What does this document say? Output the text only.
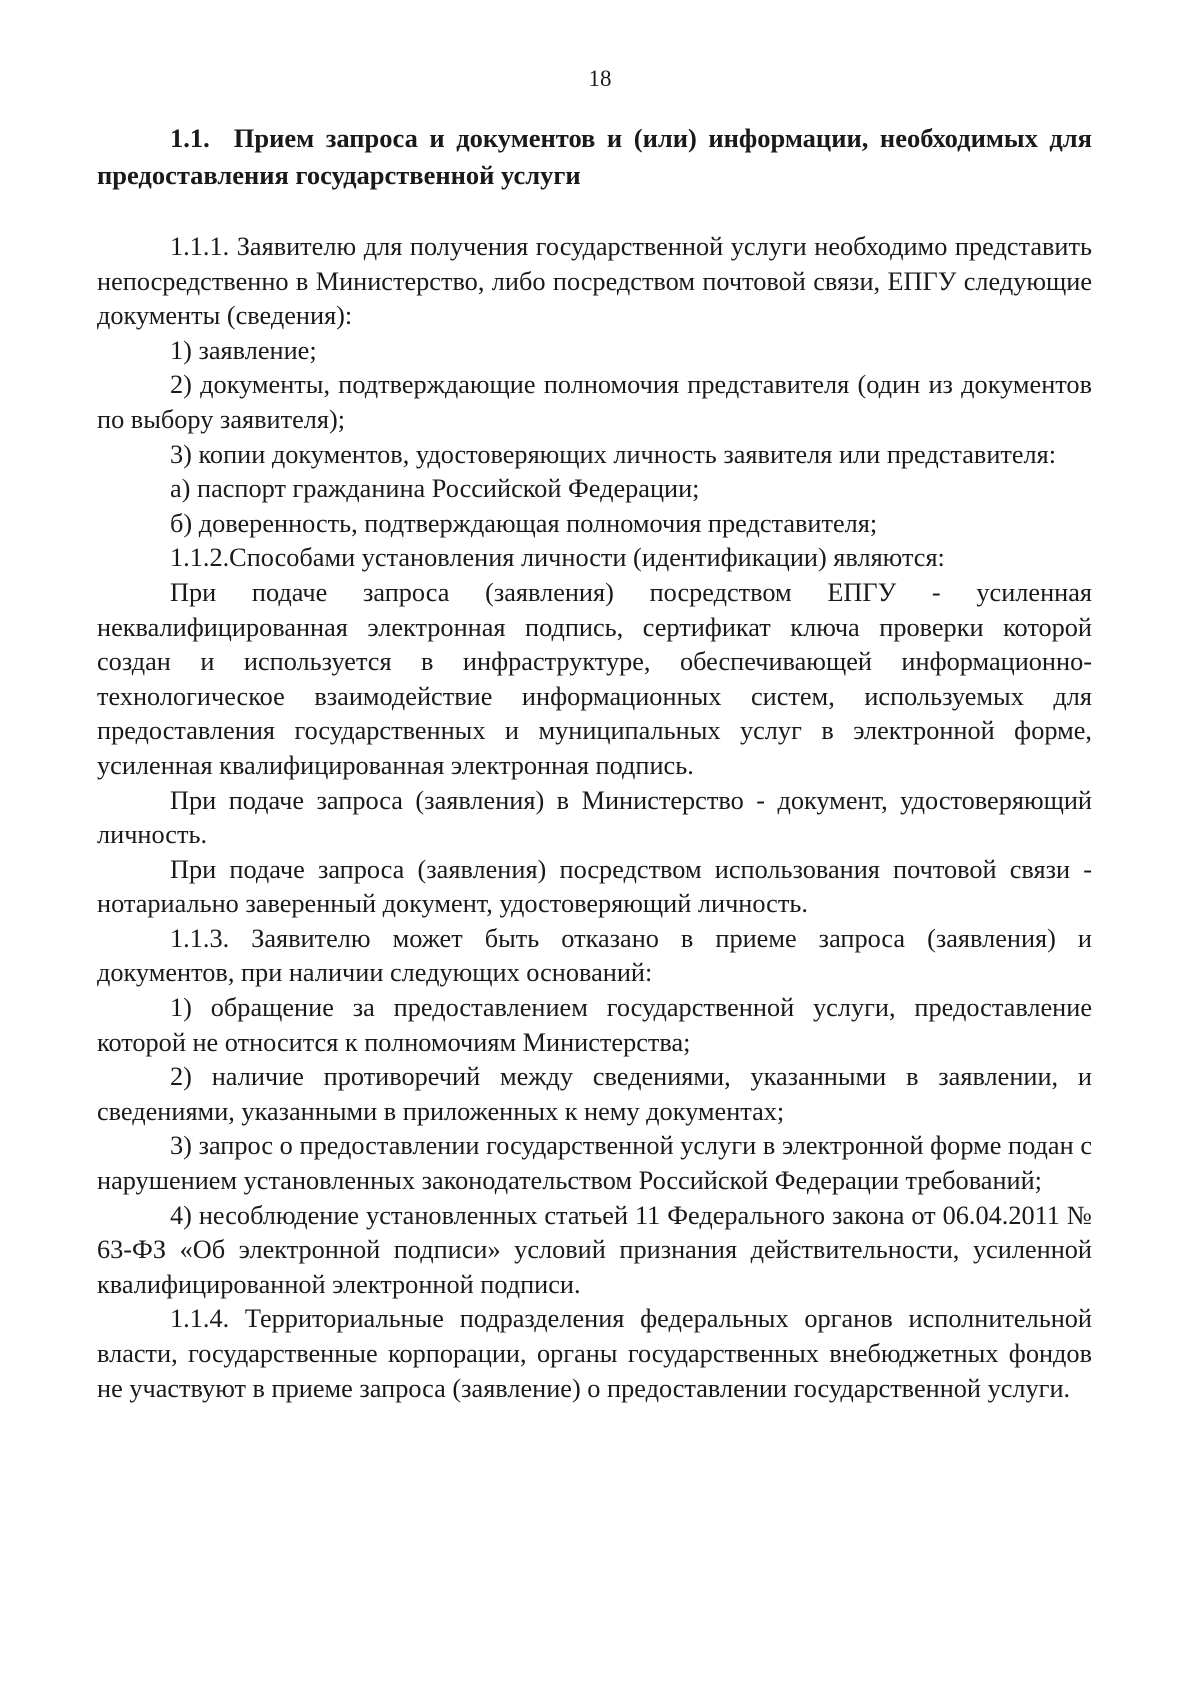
18
1.1. Прием запроса и документов и (или) информации, необходимых для предоставления государственной услуги

1.1.1. Заявителю для получения государственной услуги необходимо представить непосредственно в Министерство, либо посредством почтовой связи, ЕПГУ следующие документы (сведения):

1) заявление;

2) документы, подтверждающие полномочия представителя (один из документов по выбору заявителя);

3) копии документов, удостоверяющих личность заявителя или представителя:

а) паспорт гражданина Российской Федерации;

б) доверенность, подтверждающая полномочия представителя;

1.1.2.Способами установления личности (идентификации) являются:

При подаче запроса (заявления) посредством ЕПГУ - усиленная неквалифицированная электронная подпись, сертификат ключа проверки которой создан и используется в инфраструктуре, обеспечивающей информационно-технологическое взаимодействие информационных систем, используемых для предоставления государственных и муниципальных услуг в электронной форме, усиленная квалифицированная электронная подпись.

При подаче запроса (заявления) в Министерство - документ, удостоверяющий личность.

При подаче запроса (заявления) посредством использования почтовой связи - нотариально заверенный документ, удостоверяющий личность.

1.1.3. Заявителю может быть отказано в приеме запроса (заявления) и документов, при наличии следующих оснований:

1) обращение за предоставлением государственной услуги, предоставление которой не относится к полномочиям Министерства;

2) наличие противоречий между сведениями, указанными в заявлении, и сведениями, указанными в приложенных к нему документах;

3) запрос о предоставлении государственной услуги в электронной форме подан с нарушением установленных законодательством Российской Федерации требований;

4) несоблюдение установленных статьей 11 Федерального закона от 06.04.2011 № 63-ФЗ «Об электронной подписи» условий признания действительности, усиленной квалифицированной электронной подписи.

1.1.4. Территориальные подразделения федеральных органов исполнительной власти, государственные корпорации, органы государственных внебюджетных фондов не участвуют в приеме запроса (заявление) о предоставлении государственной услуги.
